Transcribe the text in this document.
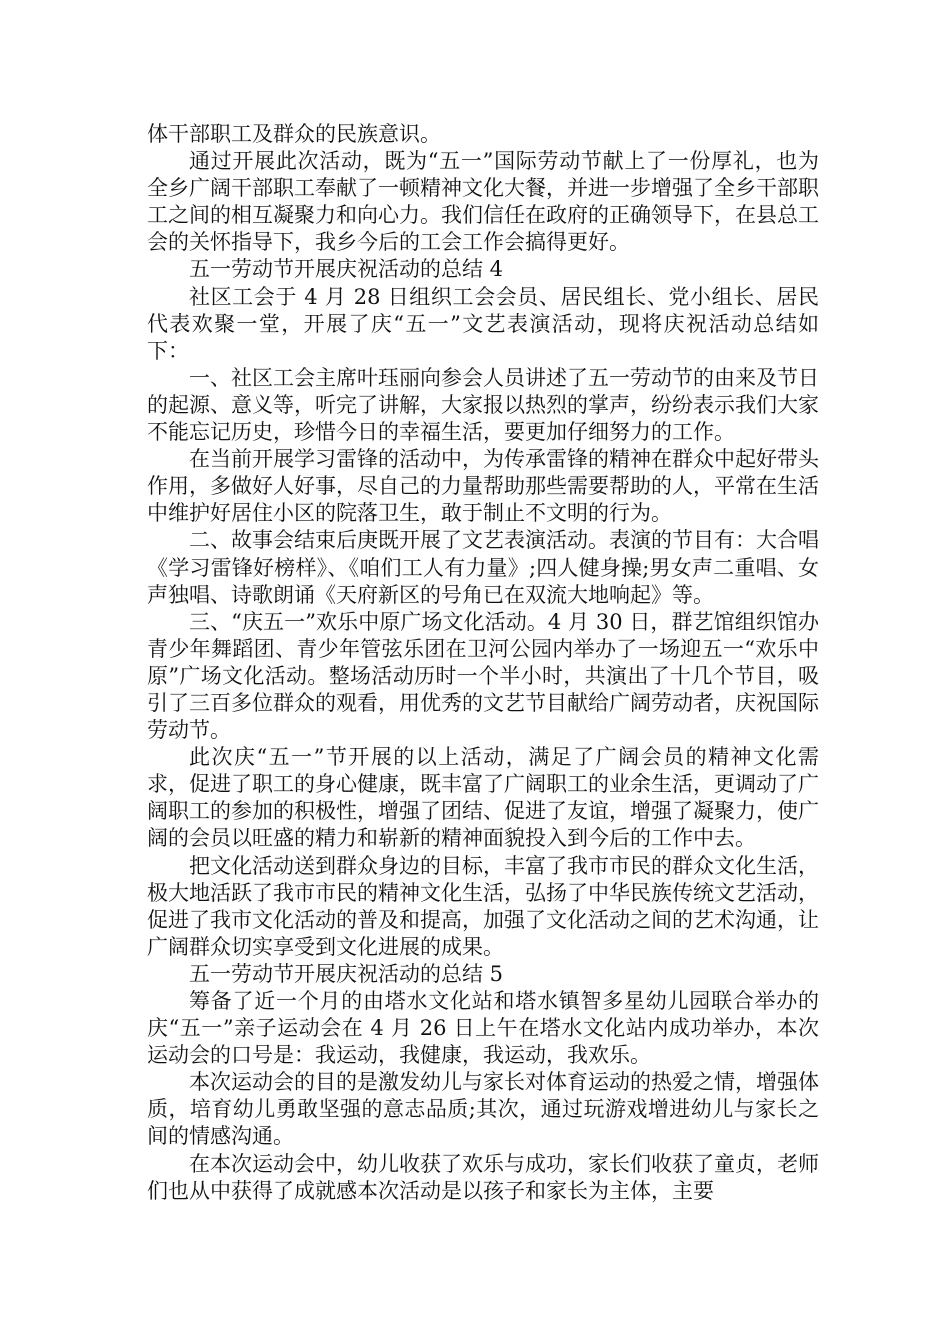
体干部职工及群众的民族意识。

通过开展此次活动，既为“五一”国际劳动节献上了一份厚礼，也为全乡广阔干部职工奉献了一顿精神文化大餐，并进一步增强了全乡干部职工之间的相互凝聚力和向心力。我们信任在政府的正确领导下，在县总工会的关怀指导下，我乡今后的工会工作会搞得更好。

五一劳动节开展庆祝活动的总结 4

社区工会于 4 月 28 日组织工会会员、居民组长、党小组长、居民代表欢聚一堂，开展了庆“五一”文艺表演活动，现将庆祝活动总结如下：

一、社区工会主席叶珏丽向参会人员讲述了五一劳动节的由来及节日的起源、意义等，听完了讲解，大家报以热烈的掌声，纷纷表示我们大家不能忘记历史，珍惜今日的幸福生活，要更加仔细努力的工作。

在当前开展学习雷锋的活动中，为传承雷锋的精神在群众中起好带头作用，多做好人好事，尽自己的力量帮助那些需要帮助的人，平常在生活中维护好居住小区的院落卫生，敢于制止不文明的行为。

二、故事会结束后庚既开展了文艺表演活动。表演的节目有：大合唱《学习雷锋好榜样》、《咱们工人有力量》;四人健身操;男女声二重唱、女声独唱、诗歌朗诵《天府新区的号角已在双流大地响起》等。

三、“庆五一”欢乐中原广场文化活动。4 月 30 日，群艺馆组织馆办青少年舞蹈团、青少年管弦乐团在卫河公园内举办了一场迎五一“欢乐中原”广场文化活动。整场活动历时一个半小时，共演出了十几个节目，吸引了三百多位群众的观看，用优秀的文艺节目献给广阔劳动者，庆祝国际劳动节。

此次庆“五一”节开展的以上活动，满足了广阔会员的精神文化需求，促进了职工的身心健康，既丰富了广阔职工的业余生活，更调动了广阔职工的参加的积极性，增强了团结、促进了友谊，增强了凝聚力，使广阔的会员以旺盛的精力和崭新的精神面貌投入到今后的工作中去。

把文化活动送到群众身边的目标，丰富了我市市民的群众文化生活，极大地活跃了我市市民的精神文化生活，弘扬了中华民族传统文艺活动，促进了我市文化活动的普及和提高，加强了文化活动之间的艺术沟通，让广阔群众切实享受到文化进展的成果。

五一劳动节开展庆祝活动的总结 5

筹备了近一个月的由塔水文化站和塔水镇智多星幼儿园联合举办的庆“五一”亲子运动会在 4 月 26 日上午在塔水文化站内成功举办，本次运动会的口号是：我运动，我健康，我运动，我欢乐。

本次运动会的目的是激发幼儿与家长对体育运动的热爱之情，增强体质，培育幼儿勇敢坚强的意志品质;其次，通过玩游戏增进幼儿与家长之间的情感沟通。

在本次运动会中，幼儿收获了欢乐与成功，家长们收获了童贞，老师们也从中获得了成就感本次活动是以孩子和家长为主体，主要
